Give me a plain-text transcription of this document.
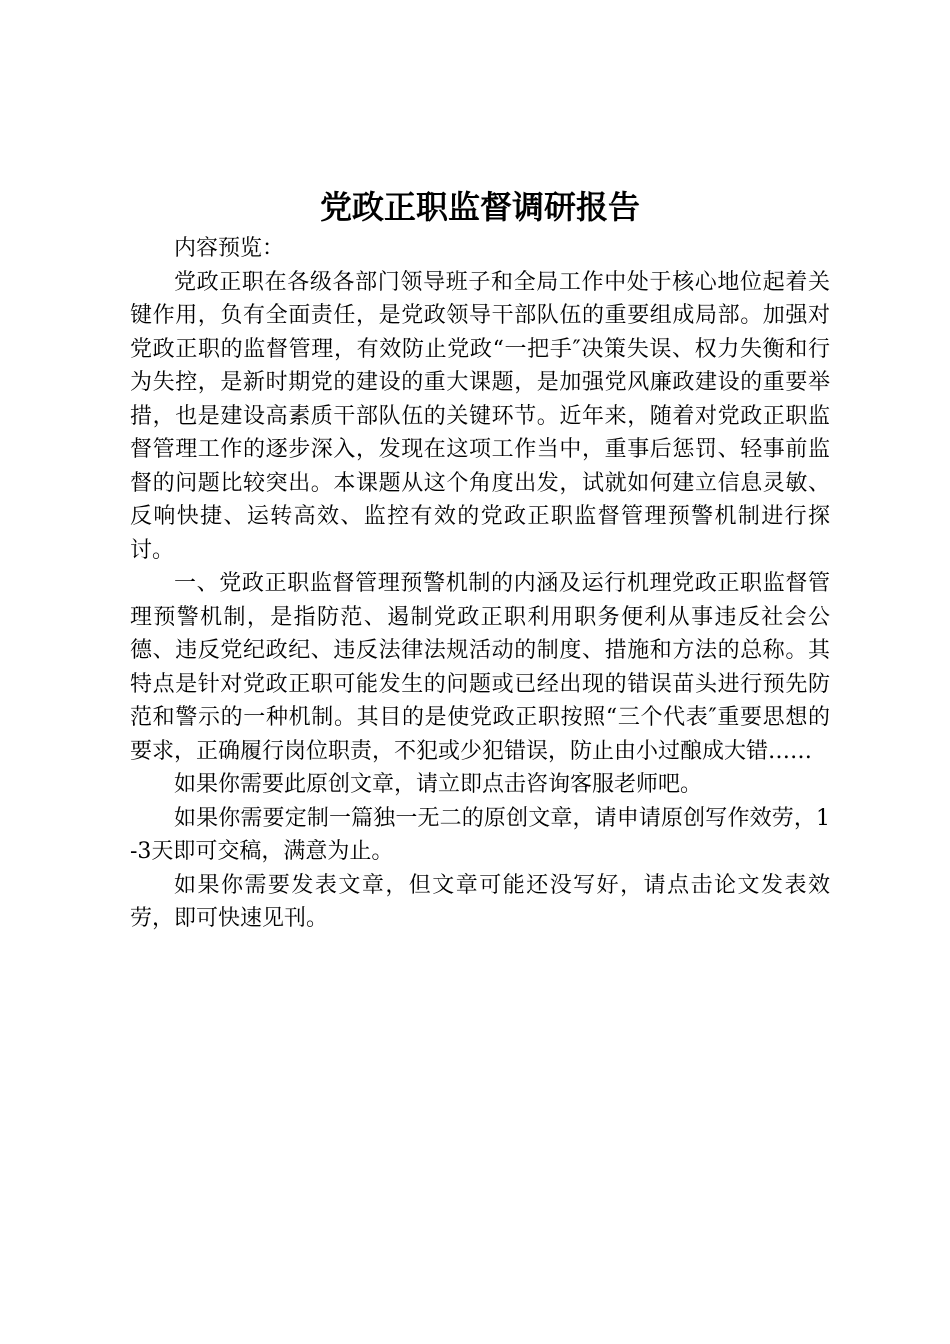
党政正职监督调研报告

内容预览：

党政正职在各级各部门领导班子和全局工作中处于核心地位起着关键作用，负有全面责任，是党政领导干部队伍的重要组成局部。加强对党政正职的监督管理，有效防止党政“一把手″决策失误、权力失衡和行为失控，是新时期党的建设的重大课题，是加强党风廉政建设的重要举措，也是建设高素质干部队伍的关键环节。近年来，随着对党政正职监督管理工作的逐步深入，发现在这项工作当中，重事后惩罚、轻事前监督的问题比较突出。本课题从这个角度出发，试就如何建立信息灵敏、反响快捷、运转高效、监控有效的党政正职监督管理预警机制进行探讨。

一、党政正职监督管理预警机制的内涵及运行机理党政正职监督管理预警机制，是指防范、遏制党政正职利用职务便利从事违反社会公德、违反党纪政纪、违反法律法规活动的制度、措施和方法的总称。其特点是针对党政正职可能发生的问题或已经出现的错误苗头进行预先防范和警示的一种机制。其目的是使党政正职按照“三个代表″重要思想的要求，正确履行岗位职责，不犯或少犯错误，防止由小过酿成大错……

如果你需要此原创文章，请立即点击咨询客服老师吧。

如果你需要定制一篇独一无二的原创文章，请申请原创写作效劳，1-3天即可交稿，满意为止。

如果你需要发表文章，但文章可能还没写好，请点击论文发表效劳，即可快速见刊。
